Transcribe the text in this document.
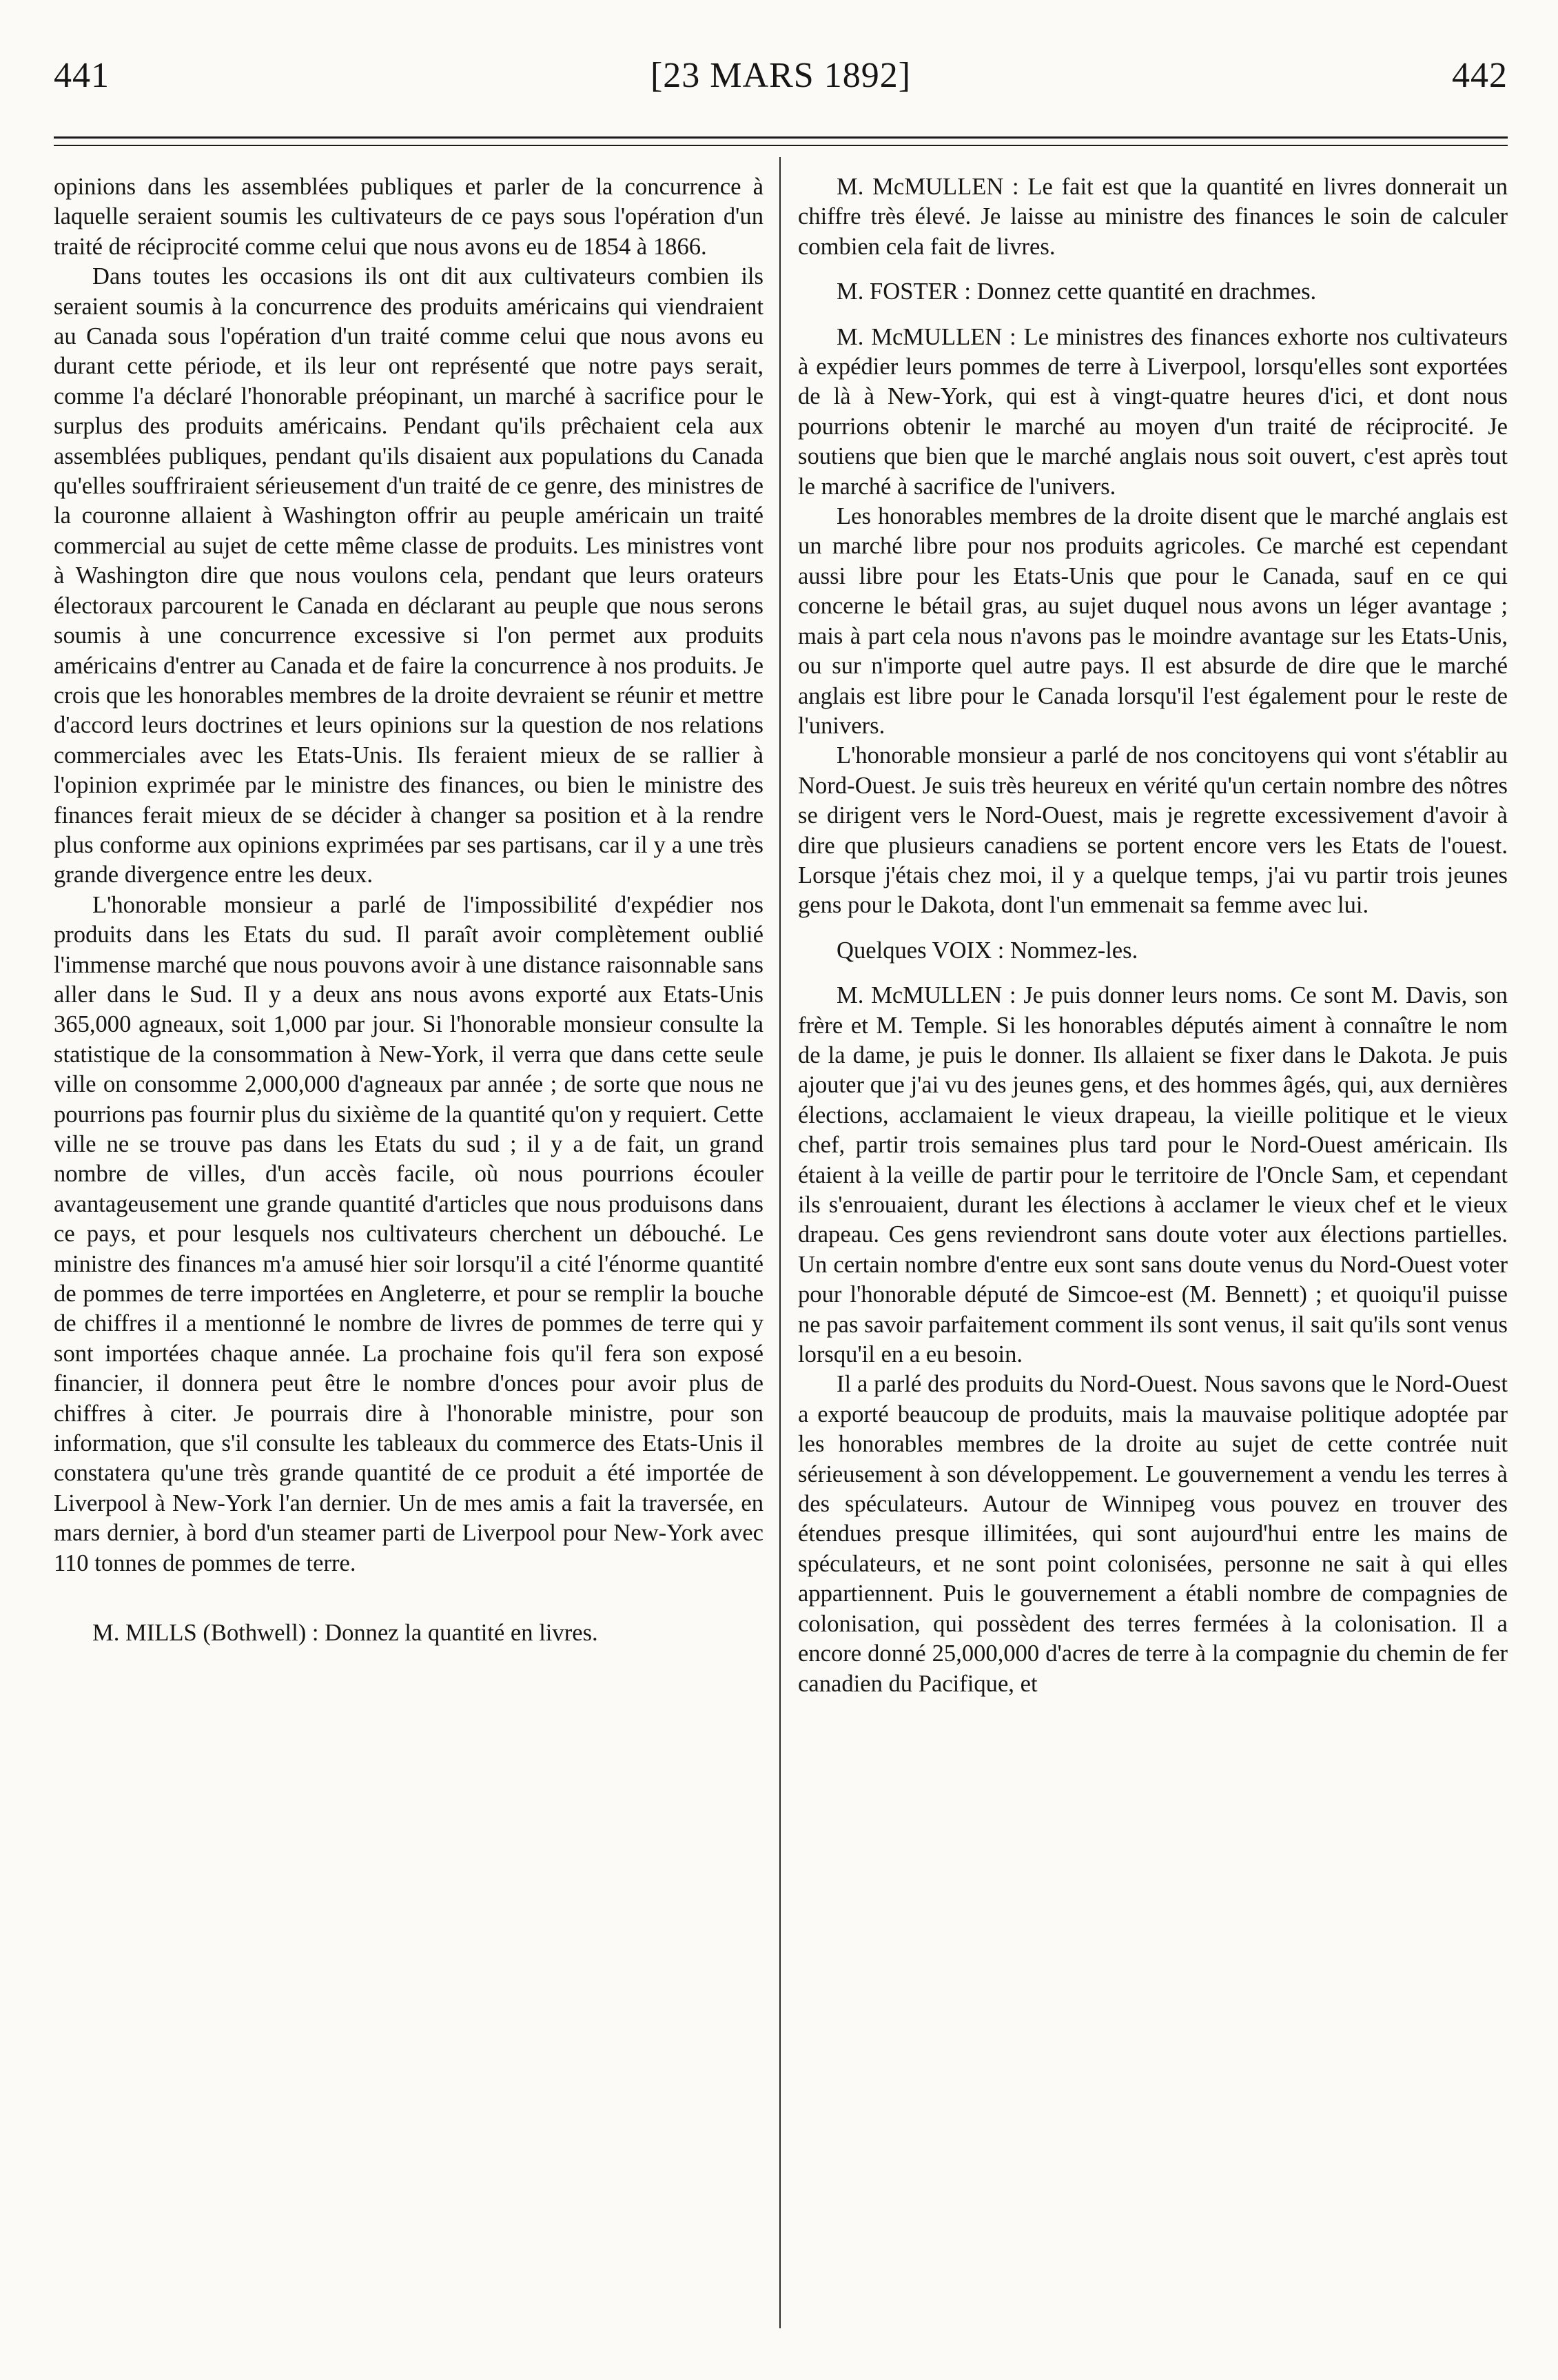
441	[23 MARS 1892]	442

opinions dans les assemblées publiques et parler de la concurrence à laquelle seraient soumis les cultivateurs de ce pays sous l'opération d'un traité de réciprocité comme celui que nous avons eu de 1854 à 1866.

Dans toutes les occasions ils ont dit aux cultivateurs combien ils seraient soumis à la concurrence des produits américains qui viendraient au Canada sous l'opération d'un traité comme celui que nous avons eu durant cette période, et ils leur ont représenté que notre pays serait, comme l'a déclaré l'honorable préopinant, un marché à sacrifice pour le surplus des produits américains. Pendant qu'ils prêchaient cela aux assemblées publiques, pendant qu'ils disaient aux populations du Canada qu'elles souffriraient sérieusement d'un traité de ce genre, des ministres de la couronne allaient à Washington offrir au peuple américain un traité commercial au sujet de cette même classe de produits. Les ministres vont à Washington dire que nous voulons cela, pendant que leurs orateurs électoraux parcourent le Canada en déclarant au peuple que nous serons soumis à une concurrence excessive si l'on permet aux produits américains d'entrer au Canada et de faire la concurrence à nos produits. Je crois que les honorables membres de la droite devraient se réunir et mettre d'accord leurs doctrines et leurs opinions sur la question de nos relations commerciales avec les Etats-Unis. Ils feraient mieux de se rallier à l'opinion exprimée par le ministre des finances, ou bien le ministre des finances ferait mieux de se décider à changer sa position et à la rendre plus conforme aux opinions exprimées par ses partisans, car il y a une très grande divergence entre les deux.

L'honorable monsieur a parlé de l'impossibilité d'expédier nos produits dans les Etats du sud. Il paraît avoir complètement oublié l'immense marché que nous pouvons avoir à une distance raisonnable sans aller dans le Sud. Il y a deux ans nous avons exporté aux Etats-Unis 365,000 agneaux, soit 1,000 par jour. Si l'honorable monsieur consulte la statistique de la consommation à New-York, il verra que dans cette seule ville on consomme 2,000,000 d'agneaux par année ; de sorte que nous ne pourrions pas fournir plus du sixième de la quantité qu'on y requiert. Cette ville ne se trouve pas dans les Etats du sud ; il y a de fait, un grand nombre de villes, d'un accès facile, où nous pourrions écouler avantageusement une grande quantité d'articles que nous produisons dans ce pays, et pour lesquels nos cultivateurs cherchent un débouché. Le ministre des finances m'a amusé hier soir lorsqu'il a cité l'énorme quantité de pommes de terre importées en Angleterre, et pour se remplir la bouche de chiffres il a mentionné le nombre de livres de pommes de terre qui y sont importées chaque année. La prochaine fois qu'il fera son exposé financier, il donnera peut être le nombre d'onces pour avoir plus de chiffres à citer. Je pourrais dire à l'honorable ministre, pour son information, que s'il consulte les tableaux du commerce des Etats-Unis il constatera qu'une très grande quantité de ce produit a été importée de Liverpool à New-York l'an dernier. Un de mes amis a fait la traversée, en mars dernier, à bord d'un steamer parti de Liverpool pour New-York avec 110 tonnes de pommes de terre.

M. MILLS (Bothwell) : Donnez la quantité en livres.

M. McMULLEN : Le fait est que la quantité en livres donnerait un chiffre très élevé. Je laisse au ministre des finances le soin de calculer combien cela fait de livres.

M. FOSTER : Donnez cette quantité en drachmes.

M. McMULLEN : Le ministres des finances exhorte nos cultivateurs à expédier leurs pommes de terre à Liverpool, lorsqu'elles sont exportées de là à New-York, qui est à vingt-quatre heures d'ici, et dont nous pourrions obtenir le marché au moyen d'un traité de réciprocité. Je soutiens que bien que le marché anglais nous soit ouvert, c'est après tout le marché à sacrifice de l'univers.

Les honorables membres de la droite disent que le marché anglais est un marché libre pour nos produits agricoles. Ce marché est cependant aussi libre pour les Etats-Unis que pour le Canada, sauf en ce qui concerne le bétail gras, au sujet duquel nous avons un léger avantage ; mais à part cela nous n'avons pas le moindre avantage sur les Etats-Unis, ou sur n'importe quel autre pays. Il est absurde de dire que le marché anglais est libre pour le Canada lorsqu'il l'est également pour le reste de l'univers.

L'honorable monsieur a parlé de nos concitoyens qui vont s'établir au Nord-Ouest. Je suis très heureux en vérité qu'un certain nombre des nôtres se dirigent vers le Nord-Ouest, mais je regrette excessivement d'avoir à dire que plusieurs canadiens se portent encore vers les Etats de l'ouest. Lorsque j'étais chez moi, il y a quelque temps, j'ai vu partir trois jeunes gens pour le Dakota, dont l'un emmenait sa femme avec lui.

Quelques VOIX : Nommez-les.

M. McMULLEN : Je puis donner leurs noms. Ce sont M. Davis, son frère et M. Temple. Si les honorables députés aiment à connaître le nom de la dame, je puis le donner. Ils allaient se fixer dans le Dakota. Je puis ajouter que j'ai vu des jeunes gens, et des hommes âgés, qui, aux dernières élections, acclamaient le vieux drapeau, la vieille politique et le vieux chef, partir trois semaines plus tard pour le Nord-Ouest américain. Ils étaient à la veille de partir pour le territoire de l'Oncle Sam, et cependant ils s'enrouaient, durant les élections à acclamer le vieux chef et le vieux drapeau. Ces gens reviendront sans doute voter aux élections partielles. Un certain nombre d'entre eux sont sans doute venus du Nord-Ouest voter pour l'honorable député de Simcoe-est (M. Bennett) ; et quoiqu'il puisse ne pas savoir parfaitement comment ils sont venus, il sait qu'ils sont venus lorsqu'il en a eu besoin.

Il a parlé des produits du Nord-Ouest. Nous savons que le Nord-Ouest a exporté beaucoup de produits, mais la mauvaise politique adoptée par les honorables membres de la droite au sujet de cette contrée nuit sérieusement à son développement. Le gouvernement a vendu les terres à des spéculateurs. Autour de Winnipeg vous pouvez en trouver des étendues presque illimitées, qui sont aujourd'hui entre les mains de spéculateurs, et ne sont point colonisées, personne ne sait à qui elles appartiennent. Puis le gouvernement a établi nombre de compagnies de colonisation, qui possèdent des terres fermées à la colonisation. Il a encore donné 25,000,000 d'acres de terre à la compagnie du chemin de fer canadien du Pacifique, et
